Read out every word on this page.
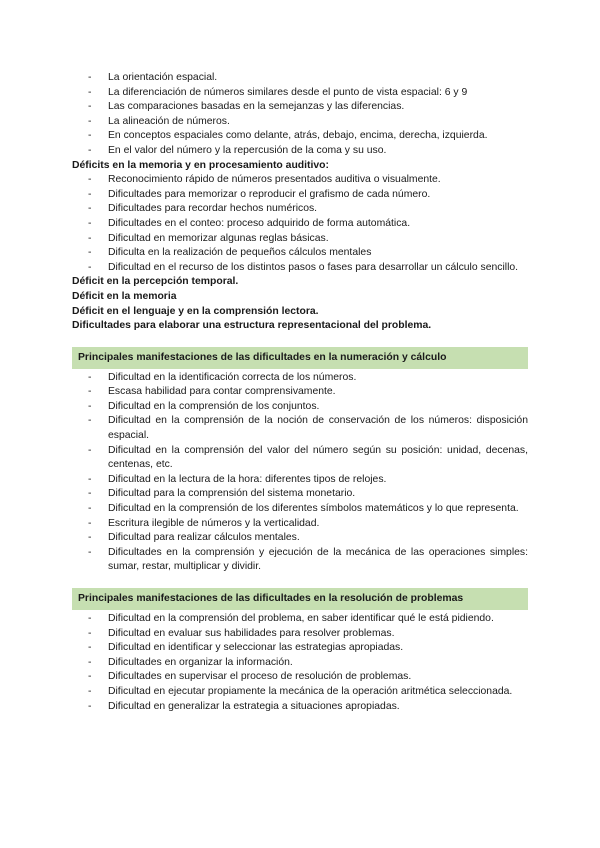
- La orientación espacial.
- La diferenciación de números similares desde el punto de vista espacial: 6 y 9
- Las comparaciones basadas en la semejanzas y las diferencias.
- La alineación de números.
- En conceptos espaciales como delante, atrás, debajo, encima, derecha, izquierda.
- En el valor del número y la repercusión de la coma y su uso.
Déficits en la memoria y en procesamiento auditivo:
- Reconocimiento rápido de números presentados auditiva o visualmente.
- Dificultades para memorizar o reproducir el grafismo de cada número.
- Dificultades para recordar hechos numéricos.
- Dificultades en el conteo: proceso adquirido de forma automática.
- Dificultad en memorizar algunas reglas básicas.
- Dificulta en la realización de pequeños cálculos mentales
- Dificultad en el recurso de los distintos pasos o fases para desarrollar un cálculo sencillo.
Déficit en la percepción temporal.
Déficit en la memoria
Déficit en el lenguaje y en la comprensión lectora.
Dificultades para elaborar una estructura representacional del problema.
Principales manifestaciones de las dificultades en la numeración y cálculo
- Dificultad en la identificación correcta de los números.
- Escasa habilidad para contar comprensivamente.
- Dificultad en la comprensión de los conjuntos.
- Dificultad en la comprensión de la noción de conservación de los números: disposición espacial.
- Dificultad en la comprensión del valor del número según su posición: unidad, decenas, centenas, etc.
- Dificultad en la lectura de la hora: diferentes tipos de relojes.
- Dificultad para la comprensión del sistema monetario.
- Dificultad en la comprensión de los diferentes símbolos matemáticos y lo que representa.
- Escritura ilegible de números y la verticalidad.
- Dificultad para realizar cálculos mentales.
- Dificultades en la comprensión y ejecución de la mecánica de las operaciones simples: sumar, restar, multiplicar y dividir.
Principales manifestaciones de las dificultades en la resolución de problemas
- Dificultad en la comprensión del problema, en saber identificar qué le está pidiendo.
- Dificultad en evaluar sus habilidades para resolver problemas.
- Dificultad en identificar y seleccionar las estrategias apropiadas.
- Dificultades en organizar la información.
- Dificultades en supervisar el proceso de resolución de problemas.
- Dificultad en ejecutar propiamente la mecánica de la operación aritmética seleccionada.
- Dificultad en generalizar la estrategia a situaciones apropiadas.
